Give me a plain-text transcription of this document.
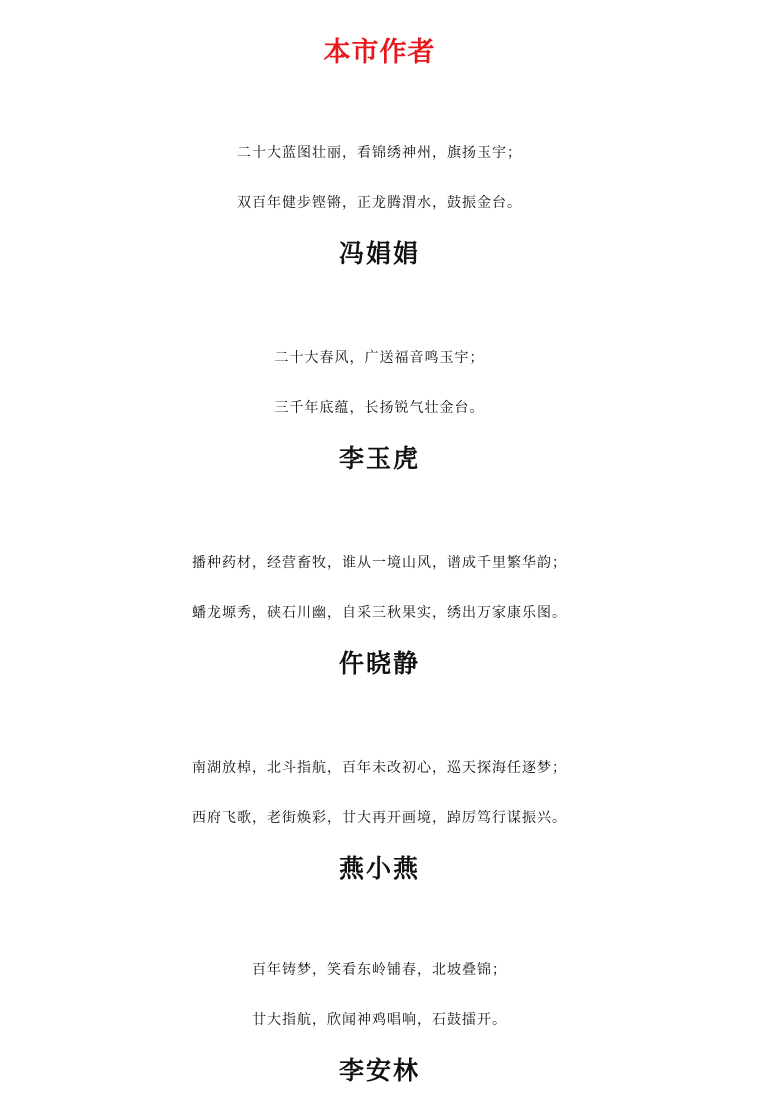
本市作者
二十大蓝图壮丽，看锦绣神州，旗扬玉宇；
双百年健步铿锵，正龙腾渭水，鼓振金台。
冯娟娟
二十大春风，广送福音鸣玉宇；
三千年底蕴，长扬锐气壮金台。
李玉虎
播种药材，经营畜牧，谁从一境山风，谱成千里繁华韵；
蟠龙塬秀，硖石川幽，自采三秋果实，绣出万家康乐图。
仵晓静
南湖放棹，北斗指航，百年未改初心，巡天探海任逐梦；
西府飞歌，老街焕彩，廿大再开画境，踔厉笃行谋振兴。
燕小燕
百年铸梦，笑看东岭铺春，北坡叠锦；
廿大指航，欣闻神鸡唱响，石鼓擂开。
李安林
